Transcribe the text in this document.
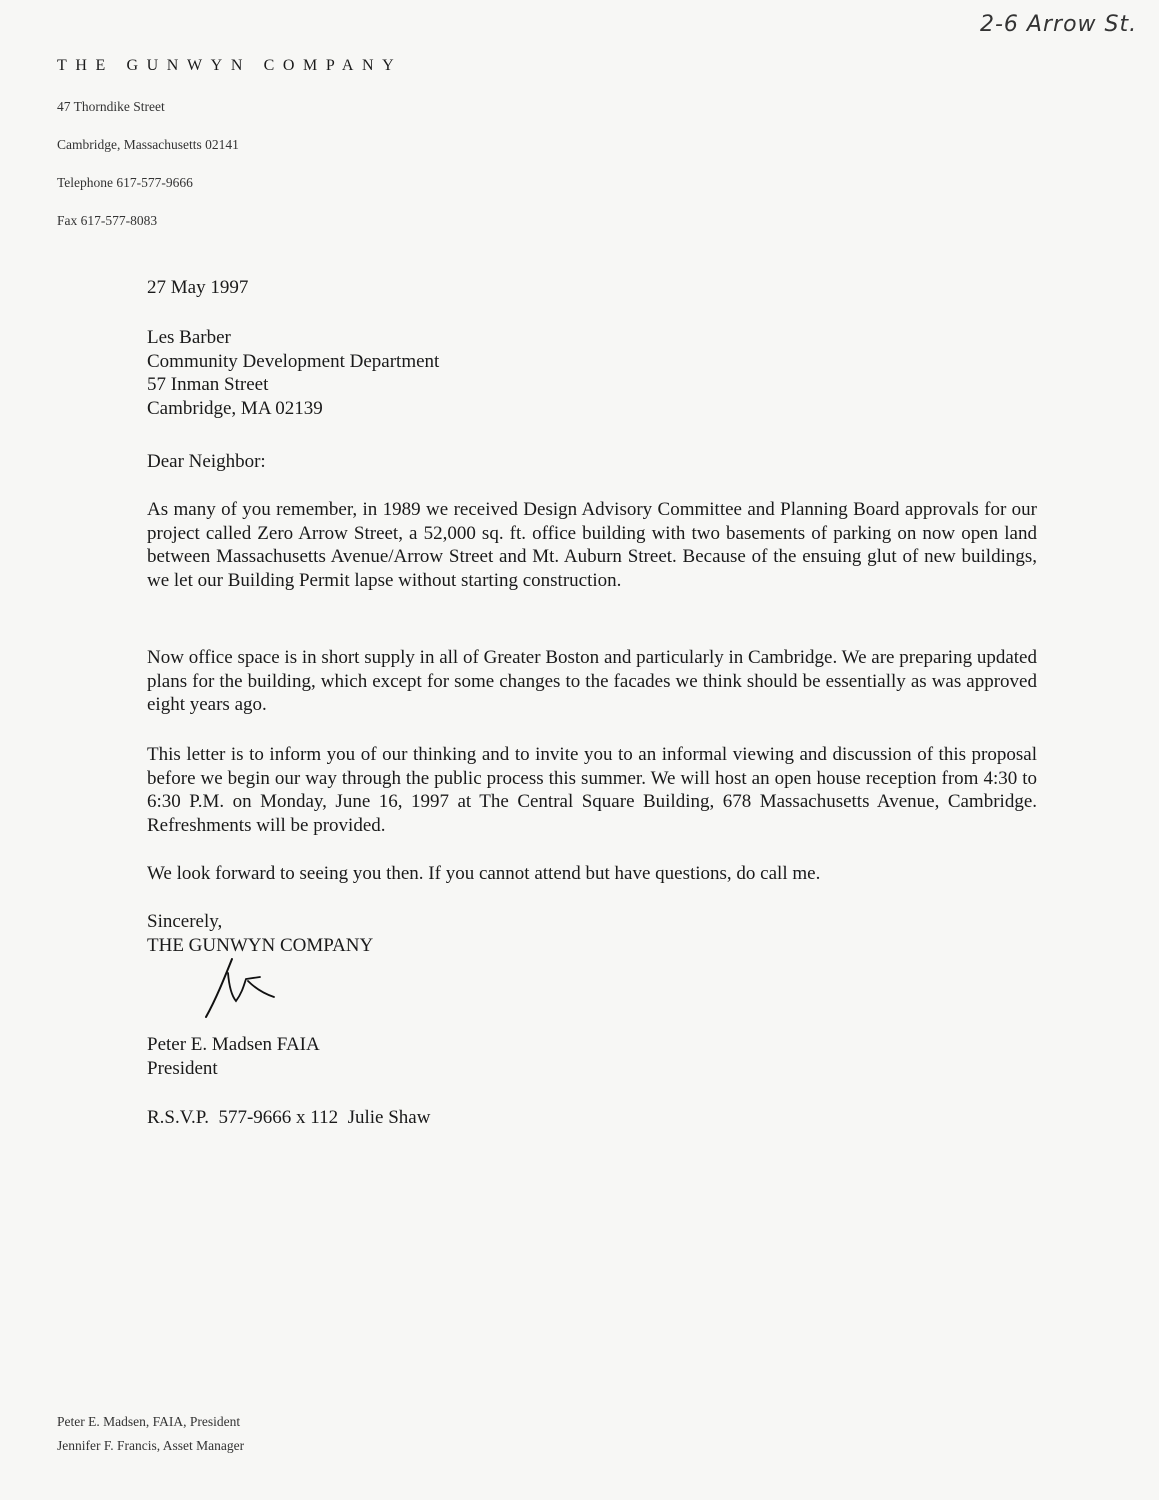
2-6 Arrow St.
THE GUNWYN COMPANY
47 Thorndike Street
Cambridge, Massachusetts 02141
Telephone 617-577-9666
Fax 617-577-8083
27 May 1997
Les Barber
Community Development Department
57 Inman Street
Cambridge, MA 02139
Dear Neighbor:

As many of you remember, in 1989 we received Design Advisory Committee and Planning Board approvals for our project called Zero Arrow Street, a 52,000 sq. ft. office building with two basements of parking on now open land between Massachusetts Avenue/Arrow Street and Mt. Auburn Street. Because of the ensuing glut of new buildings, we let our Building Permit lapse without starting construction.

Now office space is in short supply in all of Greater Boston and particularly in Cambridge. We are preparing updated plans for the building, which except for some changes to the facades we think should be essentially as was approved eight years ago.

This letter is to inform you of our thinking and to invite you to an informal viewing and discussion of this proposal before we begin our way through the public process this summer. We will host an open house reception from 4:30 to 6:30 P.M. on Monday, June 16, 1997 at The Central Square Building, 678 Massachusetts Avenue, Cambridge. Refreshments will be provided.

We look forward to seeing you then. If you cannot attend but have questions, do call me.

Sincerely,
THE GUNWYN COMPANY
Peter E. Madsen FAIA
President
R.S.V.P.  577-9666 x 112  Julie Shaw
Peter E. Madsen, FAIA, President
Jennifer F. Francis, Asset Manager
